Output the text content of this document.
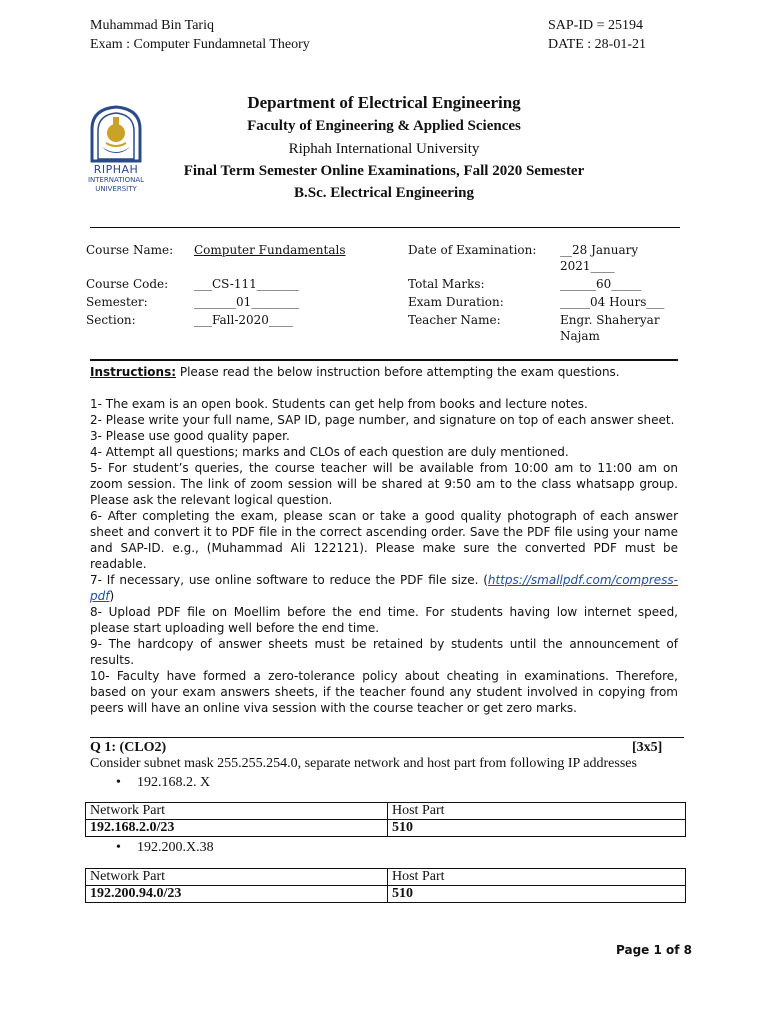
Muhammad Bin Tariq
Exam : Computer Fundamnetal Theory
SAP-ID = 25194
DATE : 28-01-21
RIPHAH
INTERNATIONAL
UNIVERSITY
Department of Electrical Engineering
Faculty of Engineering & Applied Sciences
Riphah International University
Final Term Semester Online Examinations, Fall 2020 Semester
B.Sc. Electrical Engineering
Course Name: Computer Fundamentals	Date of Examination: __28 January
2021____
Course Code: ___CS-111_______	Total Marks:	______60_____
Semester:	_______01________	Exam Duration:	_____04 Hours___
Section:	___Fall-2020____	Teacher Name:	Engr. Shaheryar
Najam

Instructions: Please read the below instruction before attempting the exam questions.

1- The exam is an open book. Students can get help from books and lecture notes.

2- Please write your full name, SAP ID, page number, and signature on top of each answer sheet.

3- Please use good quality paper.

4- Attempt all questions; marks and CLOs of each question are duly mentioned.

5- For student’s queries, the course teacher will be available from 10:00 am to 11:00 am on zoom session. The link of zoom session will be shared at 9:50 am to the class whatsapp group. Please ask the relevant logical question.

6- After completing the exam, please scan or take a good quality photograph of each answer sheet and convert it to PDF file in the correct ascending order. Save the PDF file using your name and SAP-ID. e.g., (Muhammad Ali 122121). Please make sure the converted PDF must be readable.

7- If necessary, use online software to reduce the PDF file size. (https://smallpdf.com/compress-pdf)

8- Upload PDF file on Moellim before the end time. For students having low internet speed, please start uploading well before the end time.

9- The hardcopy of answer sheets must be retained by students until the announcement of results.

10- Faculty have formed a zero-tolerance policy about cheating in examinations. Therefore, based on your exam answers sheets, if the teacher found any student involved in copying from peers will have an online viva session with the course teacher or get zero marks.

Q 1: (CLO2)	[3x5]
Consider subnet mask 255.255.254.0, separate network and host part from following IP addresses
• 192.168.2. X
Network Part	Host Part
192.168.2.0/23	510
• 192.200.X.38
Network Part	Host Part
192.200.94.0/23	510
Page 1 of 8
